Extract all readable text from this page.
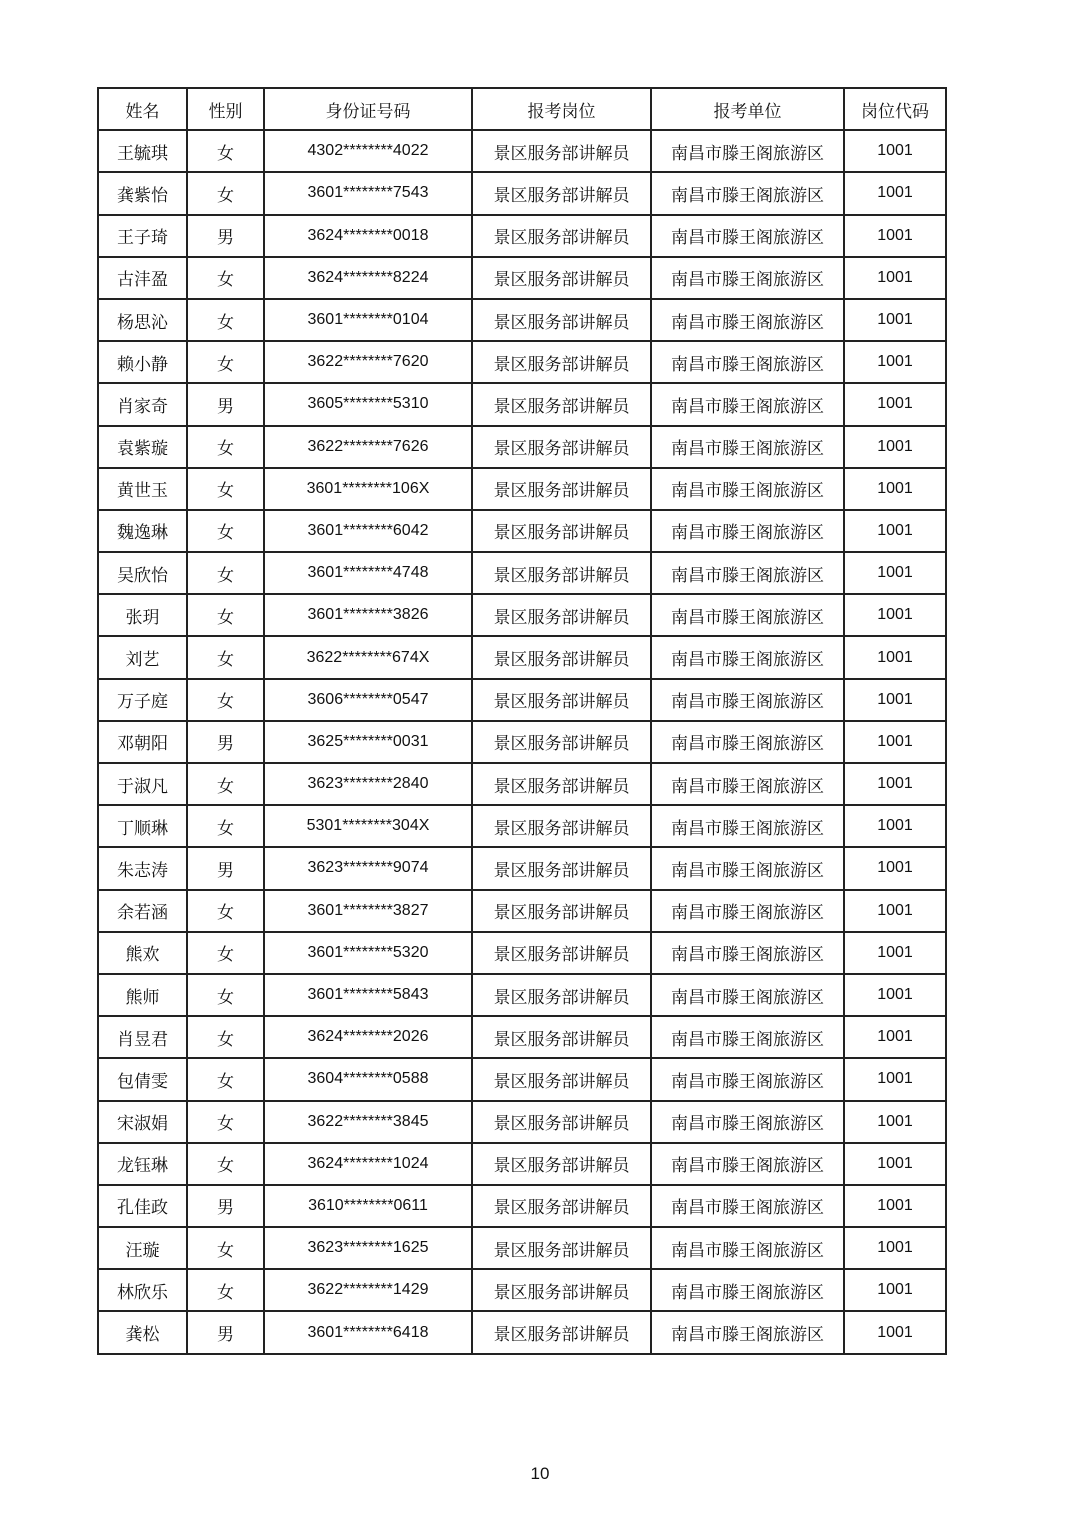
姓名	性别	身份证号码	报考岗位	报考单位	岗位代码
王毓琪	女	4302********4022	景区服务部讲解员	南昌市滕王阁旅游区	1001
龚紫怡	女	3601********7543	景区服务部讲解员	南昌市滕王阁旅游区	1001
王子琦	男	3624********0018	景区服务部讲解员	南昌市滕王阁旅游区	1001
古沣盈	女	3624********8224	景区服务部讲解员	南昌市滕王阁旅游区	1001
杨思沁	女	3601********0104	景区服务部讲解员	南昌市滕王阁旅游区	1001
赖小静	女	3622********7620	景区服务部讲解员	南昌市滕王阁旅游区	1001
肖家奇	男	3605********5310	景区服务部讲解员	南昌市滕王阁旅游区	1001
袁紫璇	女	3622********7626	景区服务部讲解员	南昌市滕王阁旅游区	1001
黄世玉	女	3601********106X	景区服务部讲解员	南昌市滕王阁旅游区	1001
魏逸琳	女	3601********6042	景区服务部讲解员	南昌市滕王阁旅游区	1001
吴欣怡	女	3601********4748	景区服务部讲解员	南昌市滕王阁旅游区	1001
张玥	女	3601********3826	景区服务部讲解员	南昌市滕王阁旅游区	1001
刘艺	女	3622********674X	景区服务部讲解员	南昌市滕王阁旅游区	1001
万子庭	女	3606********0547	景区服务部讲解员	南昌市滕王阁旅游区	1001
邓朝阳	男	3625********0031	景区服务部讲解员	南昌市滕王阁旅游区	1001
于淑凡	女	3623********2840	景区服务部讲解员	南昌市滕王阁旅游区	1001
丁顺琳	女	5301********304X	景区服务部讲解员	南昌市滕王阁旅游区	1001
朱志涛	男	3623********9074	景区服务部讲解员	南昌市滕王阁旅游区	1001
余若涵	女	3601********3827	景区服务部讲解员	南昌市滕王阁旅游区	1001
熊欢	女	3601********5320	景区服务部讲解员	南昌市滕王阁旅游区	1001
熊师	女	3601********5843	景区服务部讲解员	南昌市滕王阁旅游区	1001
肖昱君	女	3624********2026	景区服务部讲解员	南昌市滕王阁旅游区	1001
包倩雯	女	3604********0588	景区服务部讲解员	南昌市滕王阁旅游区	1001
宋淑娟	女	3622********3845	景区服务部讲解员	南昌市滕王阁旅游区	1001
龙钰琳	女	3624********1024	景区服务部讲解员	南昌市滕王阁旅游区	1001
孔佳政	男	3610********0611	景区服务部讲解员	南昌市滕王阁旅游区	1001
汪璇	女	3623********1625	景区服务部讲解员	南昌市滕王阁旅游区	1001
林欣乐	女	3622********1429	景区服务部讲解员	南昌市滕王阁旅游区	1001
龚松	男	3601********6418	景区服务部讲解员	南昌市滕王阁旅游区	1001
10
